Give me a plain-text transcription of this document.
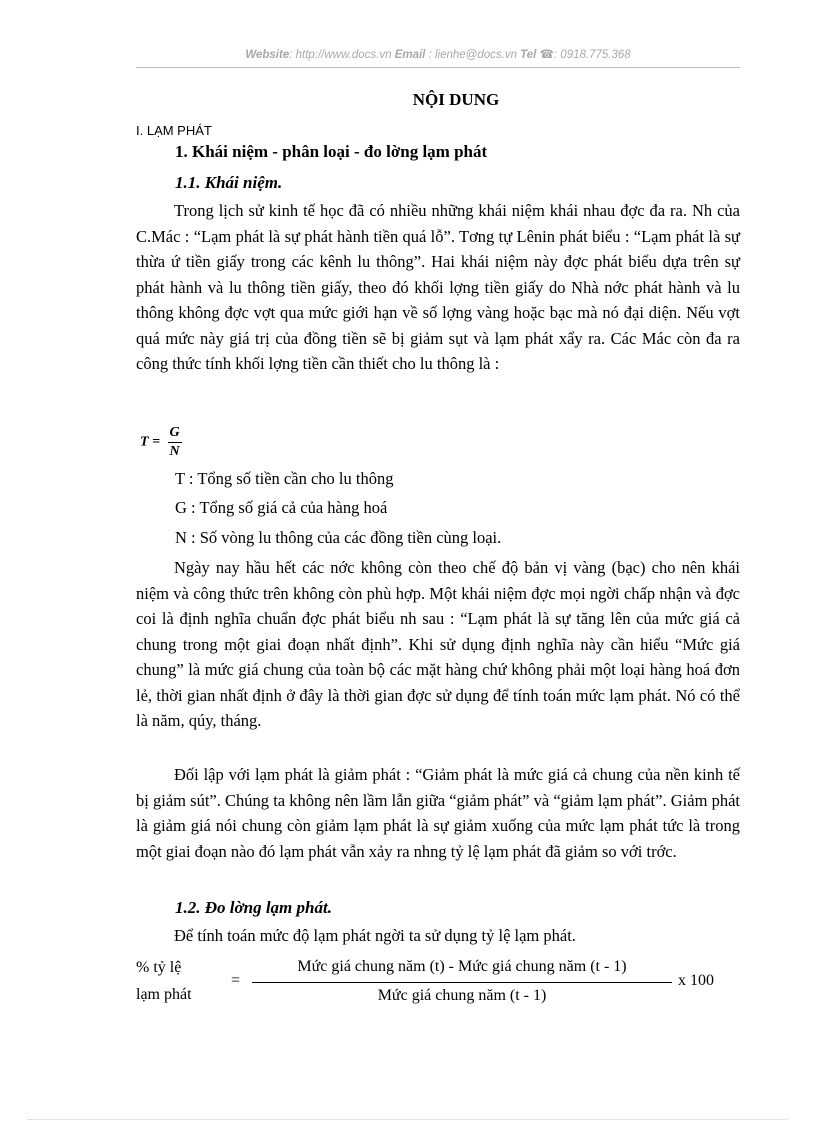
Website: http://www.docs.vn Email : lienhe@docs.vn Tel ☎: 0918.775.368
NỘI DUNG
I. LẠM PHÁT
1. Khái niệm - phân loại - đo lờng lạm phát
1.1. Khái niệm.

Trong lịch sử kinh tế học đã có nhiều những khái niệm khái nhau đợc đa ra. Nh của C.Mác : “Lạm phát là sự phát hành tiền quá lỗ”. Tơng tự Lênin phát biểu : “Lạm phát là sự thừa ứ tiền giấy trong các kênh lu thông”. Hai khái niệm này đợc phát biểu dựa trên sự phát hành và lu thông tiền giấy, theo đó khối lợng tiền giấy do Nhà nớc phát hành và lu thông không đợc vợt qua mức giới hạn về số lợng vàng hoặc bạc mà nó đại diện. Nếu vợt quá mức này giá trị của đồng tiền sẽ bị giảm sụt và lạm phát xẩy ra. Các Mác còn đa ra công thức tính khối lợng tiền cần thiết cho lu thông là :

$T = \frac{G}{N}$
T : Tổng số tiền cần cho lu thông
G : Tổng số giá cả của hàng hoá
N : Số vòng lu thông của các đồng tiền cùng loại.

Ngày nay hầu hết các nớc không còn theo chế độ bản vị vàng (bạc) cho nên khái niệm và công thức trên không còn phù hợp. Một khái niệm đợc mọi ngời chấp nhận và đợc coi là định nghĩa chuẩn đợc phát biểu nh sau : “Lạm phát là sự tăng lên của mức giá cả chung trong một giai đoạn nhất định”. Khi sử dụng định nghĩa này cần hiểu “Mức giá chung” là mức giá chung của toàn bộ các mặt hàng chứ không phải một loại hàng hoá đơn lẻ, thời gian nhất định ở đây là thời gian đợc sử dụng để tính toán mức lạm phát. Nó có thể là năm, qúy, tháng.

Đối lập với lạm phát là giảm phát : “Giảm phát là mức giá cả chung của nền kinh tế bị giảm sút”. Chúng ta không nên lầm lẫn giữa “giảm phát” và “giảm lạm phát”. Giảm phát là giảm giá nói chung còn giảm lạm phát là sự giảm xuống của mức lạm phát tức là trong một giai đoạn nào đó lạm phát vẫn xảy ra nhng tỷ lệ lạm phát đã giảm so với trớc.

1.2. Đo lờng lạm phát.

Để tính toán mức độ lạm phát ngời ta sử dụng tỷ lệ lạm phát.

% tỷ lệ
lạm phát
=
Mức giá chung năm (t) - Mức giá chung năm (t - 1)
Mức giá chung năm (t - 1)
x 100
